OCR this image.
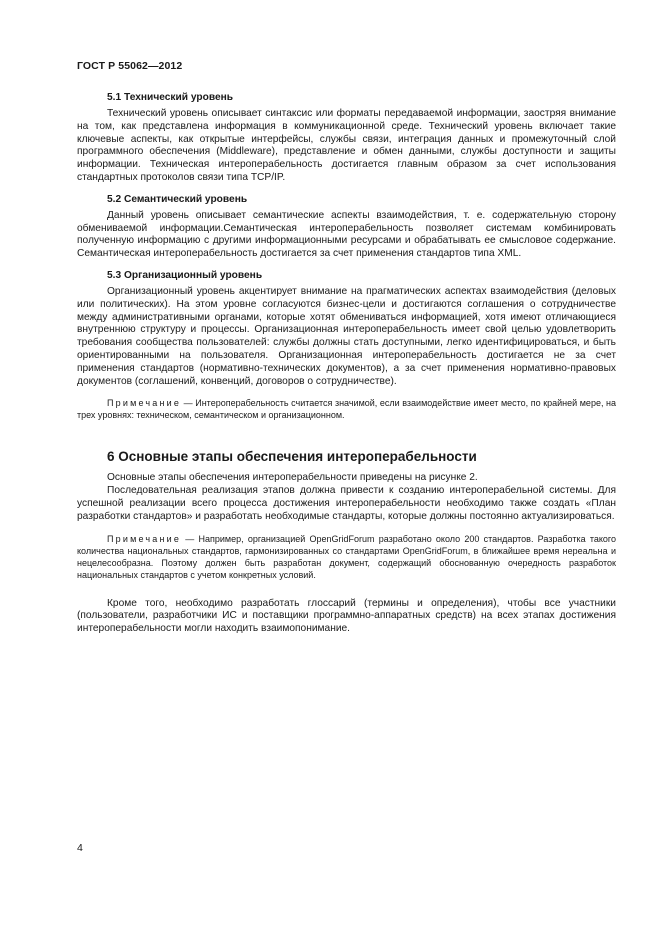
ГОСТ Р 55062—2012
5.1 Технический уровень

Технический уровень описывает синтаксис или форматы передаваемой информации, заостряя внимание на том, как представлена информация в коммуникационной среде. Технический уровень включает такие ключевые аспекты, как открытые интерфейсы, службы связи, интеграция данных и промежуточный слой программного обеспечения (Middleware), представление и обмен данными, службы доступности и защиты информации. Техническая интероперабельность достигается главным образом за счет использования стандартных протоколов связи типа TCP/IP.

5.2 Семантический уровень

Данный уровень описывает семантические аспекты взаимодействия, т. е. содержательную сторону обмениваемой информации.Семантическая интероперабельность позволяет системам комбинировать полученную информацию с другими информационными ресурсами и обрабатывать ее смысловое содержание. Семантическая интероперабельность достигается за счет применения стандартов типа XML.

5.3 Организационный уровень

Организационный уровень акцентирует внимание на прагматических аспектах взаимодействия (деловых или политических). На этом уровне согласуются бизнес-цели и достигаются соглашения о сотрудничестве между административными органами, которые хотят обмениваться информацией, хотя имеют отличающиеся внутреннюю структуру и процессы. Организационная интероперабельность имеет свой целью удовлетворить требования сообщества пользователей: службы должны стать доступными, легко идентифицироваться, и быть ориентированными на пользователя. Организационная интероперабельность достигается не за счет применения стандартов (нормативно-технических документов), а за счет применения нормативно-правовых документов (соглашений, конвенций, договоров о сотрудничестве).

Примечание — Интероперабельность считается значимой, если взаимодействие имеет место, по крайней мере, на трех уровнях: техническом, семантическом и организационном.

6 Основные этапы обеспечения интероперабельности

Основные этапы обеспечения интероперабельности приведены на рисунке 2.

Последовательная реализация этапов должна привести к созданию интероперабельной системы. Для успешной реализации всего процесса достижения интероперабельности необходимо также создать «План разработки стандартов» и разработать необходимые стандарты, которые должны постоянно актуализироваться.

Примечание — Например, организацией OpenGridForum разработано около 200 стандартов. Разработка такого количества национальных стандартов, гармонизированных со стандартами OpenGridForum, в ближайшее время нереальна и нецелесообразна. Поэтому должен быть разработан документ, содержащий обоснованную очередность разработок национальных стандартов с учетом конкретных условий.

Кроме того, необходимо разработать глоссарий (термины и определения), чтобы все участники (пользователи, разработчики ИС и поставщики программно-аппаратных средств) на всех этапах достижения интероперабельности могли находить взаимопонимание.

4
